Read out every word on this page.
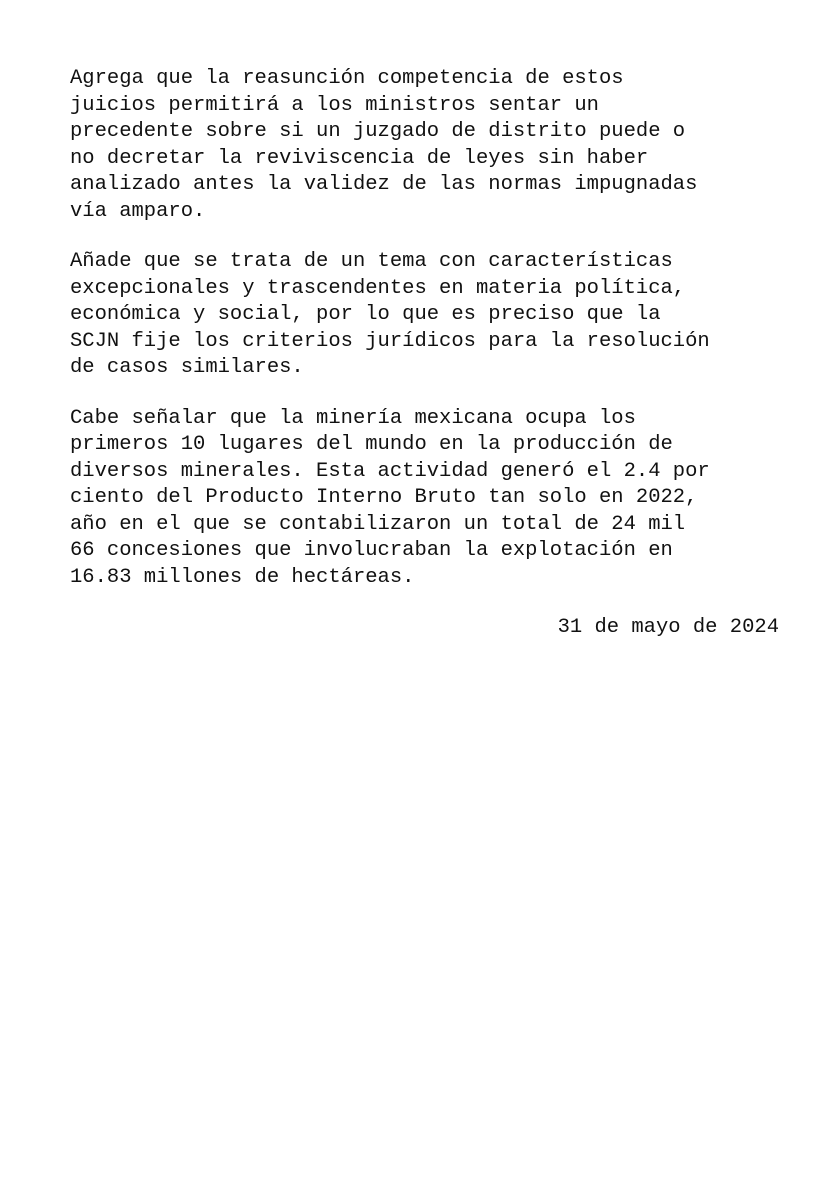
Agrega que la reasunción competencia de estos
juicios permitirá a los ministros sentar un
precedente sobre si un juzgado de distrito puede o
no decretar la reviviscencia de leyes sin haber
analizado antes la validez de las normas impugnadas
vía amparo.
Añade que se trata de un tema con características
excepcionales y trascendentes en materia política,
económica y social, por lo que es preciso que la
SCJN fije los criterios jurídicos para la resolución
de casos similares.
Cabe señalar que la minería mexicana ocupa los
primeros 10 lugares del mundo en la producción de
diversos minerales. Esta actividad generó el 2.4 por
ciento del Producto Interno Bruto tan solo en 2022,
año en el que se contabilizaron un total de 24 mil
66 concesiones que involucraban la explotación en
16.83 millones de hectáreas.
31 de mayo de 2024
